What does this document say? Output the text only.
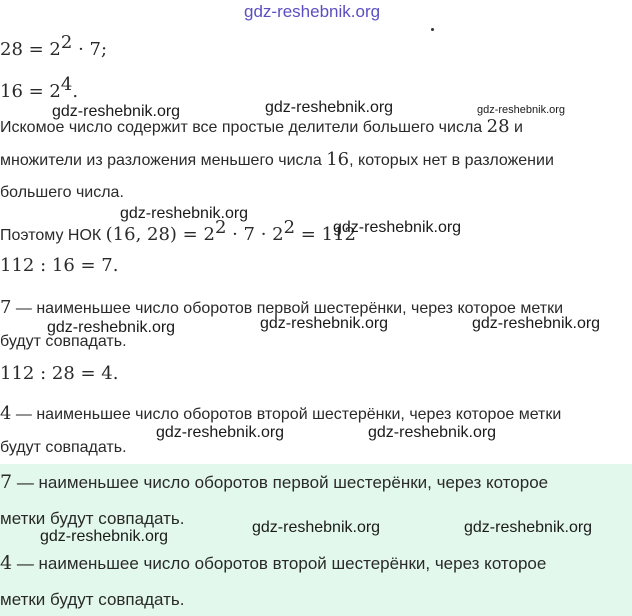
gdz-reshebnik.org
$28 = 2^2 \cdot 7$;
$16 = 2^4$.
gdz-reshebnik.org	gdz-reshebnik.org	gdz-reshebnik.org
Искомое число содержит все простые делители большего числа 28 и
множители из разложения меньшего числа 16, которых нет в разложении
большего числа.
gdz-reshebnik.org
Поэтому НОК (16, $28) = 2^2 \cdot 7 \cdot 2^2 = 112$
gdz-reshebnik.org
112 : 16 = 7.
7 — наименьшее число оборотов первой шестерёнки, через которое метки
gdz-reshebnik.org	gdz-reshebnik.org	gdz-reshebnik.org
будут совпадать.
112 : 28 = 4.
4 — наименьшее число оборотов второй шестерёнки, через которое метки
gdz-reshebnik.org	gdz-reshebnik.org
будут совпадать.
7 — наименьшее число оборотов первой шестерёнки, через которое
метки будут совпадать.	gdz-reshebnik.org	gdz-reshebnik.org
gdz-reshebnik.org
4 — наименьшее число оборотов второй шестерёнки, через которое
метки будут совпадать.
